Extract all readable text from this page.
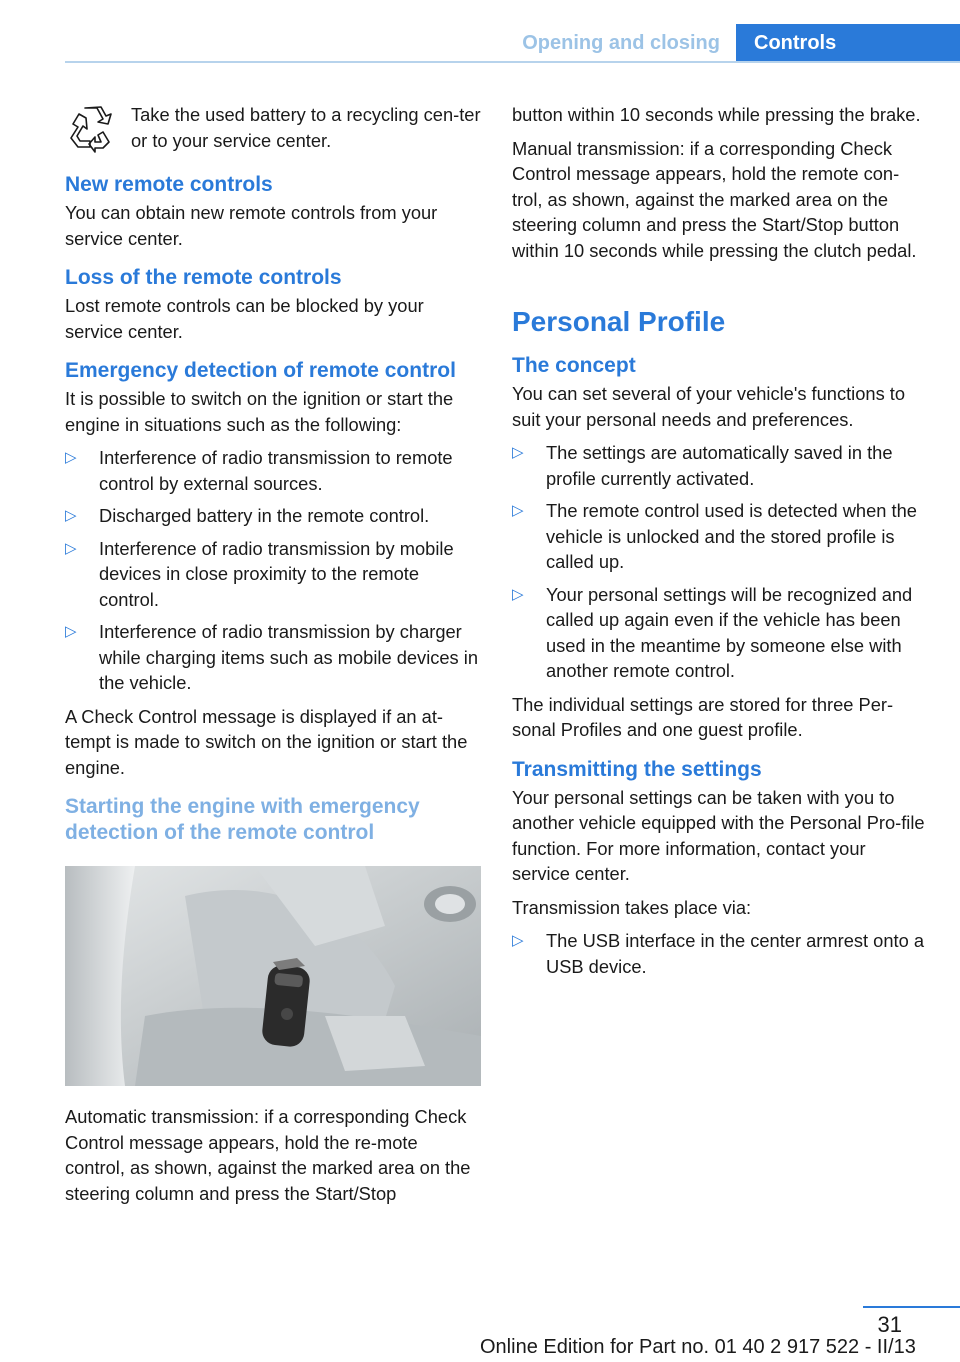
Opening and closing	Controls

Take the used battery to a recycling cen‐ter or to your service center.

New remote controls

You can obtain new remote controls from your service center.

Loss of the remote controls

Lost remote controls can be blocked by your service center.

Emergency detection of remote control

It is possible to switch on the ignition or start the engine in situations such as the following:

▷ Interference of radio transmission to remote control by external sources.
▷ Discharged battery in the remote control.
▷ Interference of radio transmission by mobile devices in close proximity to the remote control.
▷ Interference of radio transmission by charger while charging items such as mobile devices in the vehicle.

A Check Control message is displayed if an at‐tempt is made to switch on the ignition or start the engine.

Starting the engine with emergency detection of the remote control

Automatic transmission: if a corresponding Check Control message appears, hold the re‐mote control, as shown, against the marked area on the steering column and press the Start/Stop

button within 10 seconds while pressing the brake.

Manual transmission: if a corresponding Check Control message appears, hold the remote con‐trol, as shown, against the marked area on the steering column and press the Start/Stop button within 10 seconds while pressing the clutch pedal.

Personal Profile
The concept

You can set several of your vehicle's functions to suit your personal needs and preferences.

▷ The settings are automatically saved in the profile currently activated.
▷ The remote control used is detected when the vehicle is unlocked and the stored profile is called up.
▷ Your personal settings will be recognized and called up again even if the vehicle has been used in the meantime by someone else with another remote control.

The individual settings are stored for three Per‐sonal Profiles and one guest profile.

Transmitting the settings

Your personal settings can be taken with you to another vehicle equipped with the Personal Pro‐file function. For more information, contact your service center.

Transmission takes place via:

▷ The USB interface in the center armrest onto a USB device.
31
Online Edition for Part no. 01 40 2 917 522 - II/13
